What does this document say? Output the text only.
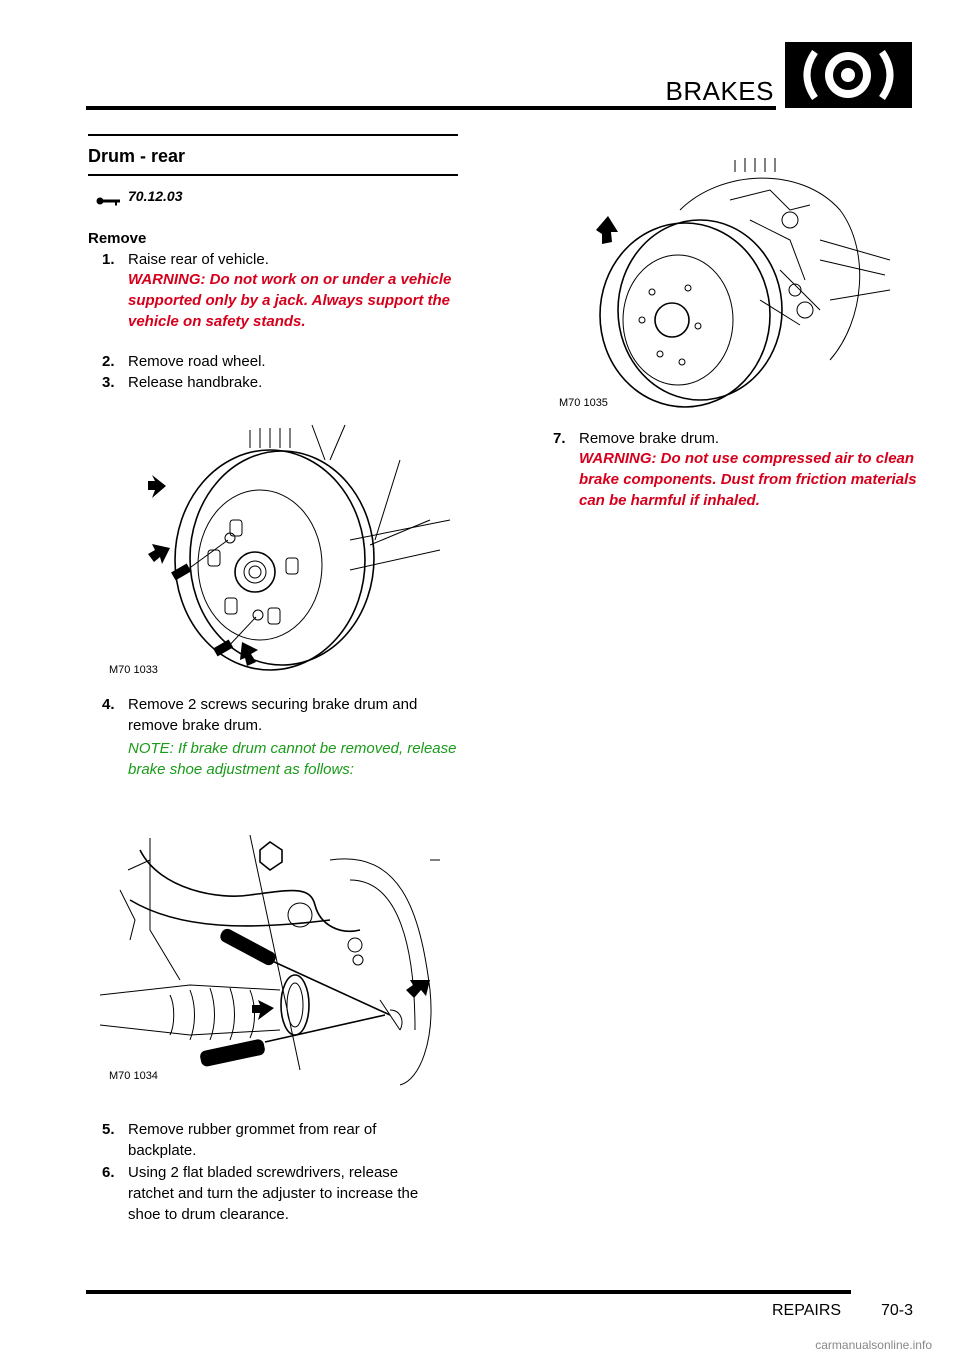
BRAKES
Drum - rear
70.12.03
Remove
1. Raise rear of vehicle.
WARNING: Do not work on or under a vehicle supported only by a jack. Always support the vehicle on safety stands.
2. Remove road wheel.
3. Release handbrake.
M70 1033
4. Remove 2 screws securing brake drum and remove brake drum.
NOTE: If brake drum cannot be removed, release brake shoe adjustment as follows:
M70 1034
5. Remove rubber grommet from rear of backplate.
6. Using 2 flat bladed screwdrivers, release ratchet and turn the adjuster to increase the shoe to drum clearance.
M70 1035
7. Remove brake drum.
WARNING: Do not use compressed air to clean brake components. Dust from friction materials can be harmful if inhaled.
REPAIRS 70-3
carmanualsonline.info
